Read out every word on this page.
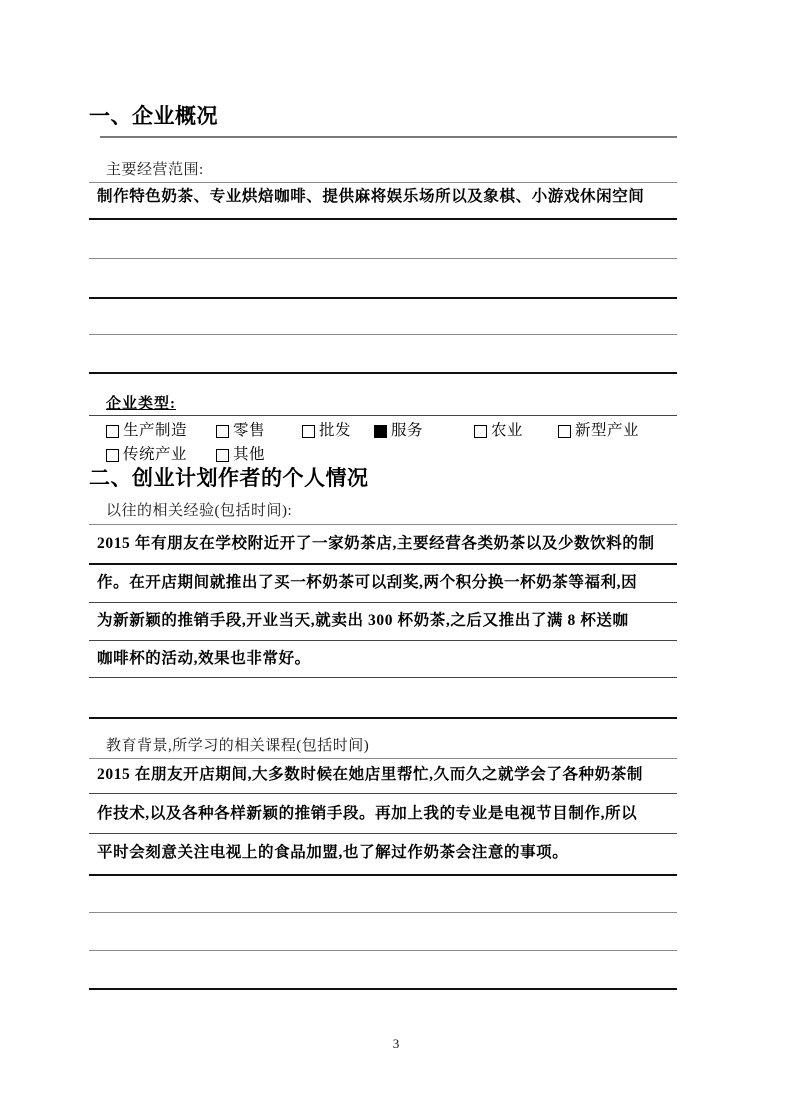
一、企业概况
主要经营范围:
制作特色奶茶、专业烘焙咖啡、提供麻将娱乐场所以及象棋、小游戏休闲空间
企业类型:
生产制造	零售	批发	服务	农业	新型产业
传统产业	其他
二、创业计划作者的个人情况
以往的相关经验(包括时间):
2015 年有朋友在学校附近开了一家奶茶店,主要经营各类奶茶以及少数饮料的制
作。在开店期间就推出了买一杯奶茶可以刮奖,两个积分换一杯奶茶等福利,因
为新新颖的推销手段,开业当天,就卖出 300 杯奶茶,之后又推出了满 8 杯送咖
咖啡杯的活动,效果也非常好。
教育背景,所学习的相关课程(包括时间)
2015 在朋友开店期间,大多数时候在她店里帮忙,久而久之就学会了各种奶茶制
作技术,以及各种各样新颖的推销手段。再加上我的专业是电视节目制作,所以
平时会刻意关注电视上的食品加盟,也了解过作奶茶会注意的事项。
3
